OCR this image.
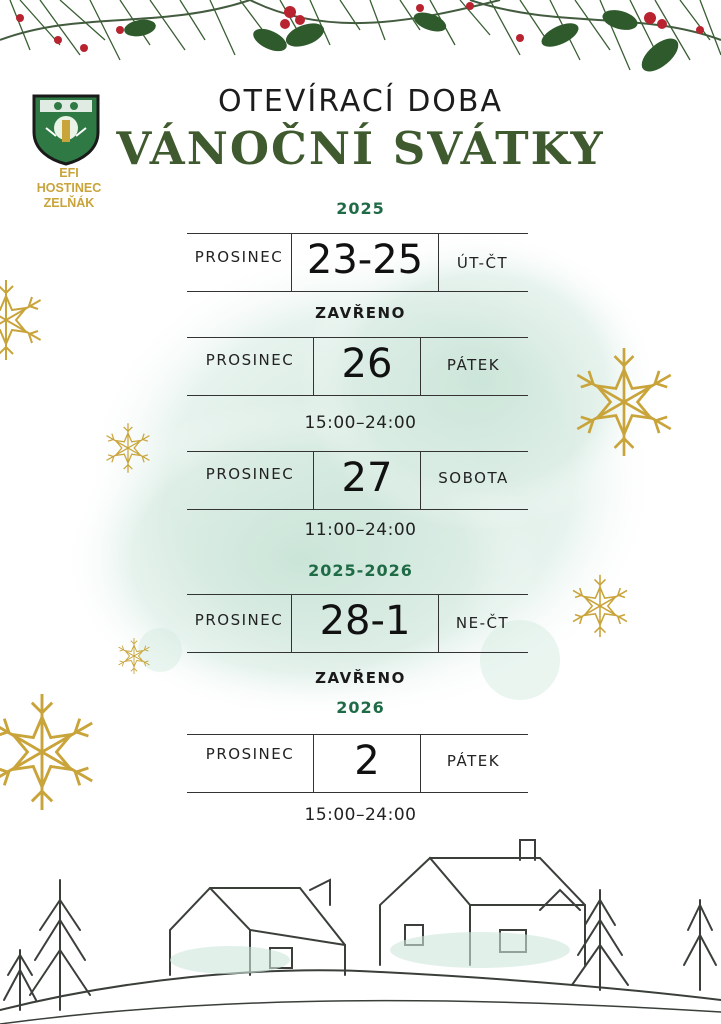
EFI HOSTINEC
ZELŇÁK
OTEVÍRACÍ DOBA
VÁNOČNÍ SVÁTKY
2025
PROSINEC 23-25	ÚT-ČT
ZAVŘENO
PROSINEC	26	PÁTEK
15:00–24:00
PROSINEC	27	SOBOTA
11:00–24:00
2025-2026
PROSINEC 28-1	NE-ČT
ZAVŘENO
2026
PROSINEC	2	PÁTEK
15:00–24:00
